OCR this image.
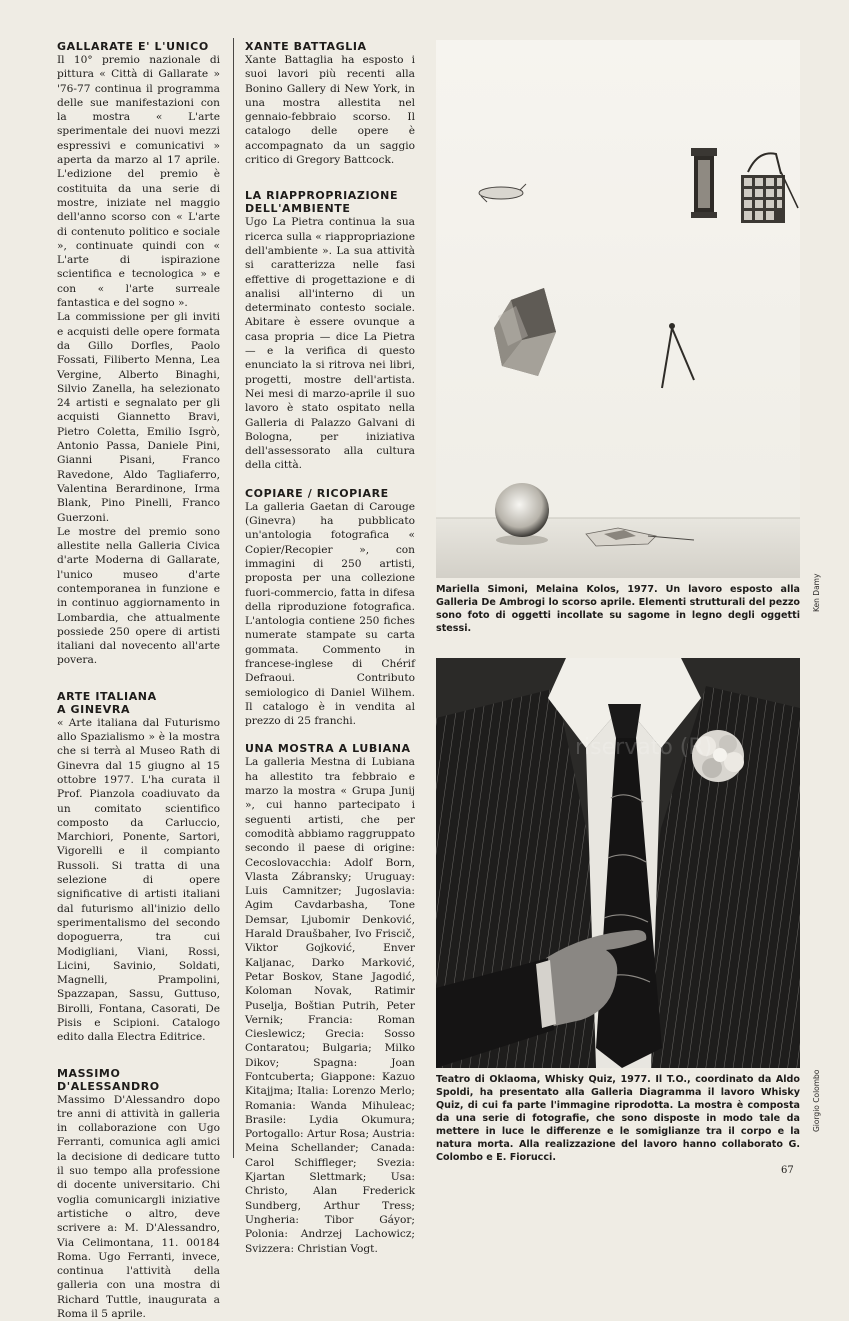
GALLARATE E' L'UNICO

Il 10° premio nazionale di pittura « Città di Gallarate » '76-77 continua il programma delle sue manifestazioni con la mostra « L'arte sperimentale dei nuovi mezzi espressivi e comunicativi » aperta da marzo al 17 aprile. L'edizione del premio è costituita da una serie di mostre, iniziate nel maggio dell'anno scorso con « L'arte di contenuto politico e sociale », continuate quindi con « L'arte di ispirazione scientifica e tecnologica » e con « l'arte surreale fantastica e del sogno ».

La commissione per gli inviti e acquisti delle opere formata da Gillo Dorfles, Paolo Fossati, Filiberto Menna, Lea Vergine, Alberto Binaghi, Silvio Zanella, ha selezionato 24 artisti e segnalato per gli acquisti Giannetto Bravi, Pietro Coletta, Emilio Isgrò, Antonio Passa, Daniele Pini, Gianni Pisani, Franco Ravedone, Aldo Tagliaferro, Valentina Berardinone, Irma Blank, Pino Pinelli, Franco Guerzoni.

Le mostre del premio sono allestite nella Galleria Civica d'arte Moderna di Gallarate, l'unico museo d'arte contemporanea in funzione e in continuo aggiornamento in Lombardia, che attualmente possiede 250 opere di artisti italiani dal novecento all'arte povera.

ARTE ITALIANA
A GINEVRA

« Arte italiana dal Futurismo allo Spazialismo » è la mostra che si terrà al Museo Rath di Ginevra dal 15 giugno al 15 ottobre 1977. L'ha curata il Prof. Pianzola coadiuvato da un comitato scientifico composto da Carluccio, Marchiori, Ponente, Sartori, Vigorelli e il compianto Russoli. Si tratta di una selezione di opere significative di artisti italiani dal futurismo all'inizio dello sperimentalismo del secondo dopoguerra, tra cui Modigliani, Viani, Rossi, Licini, Savinio, Soldati, Magnelli, Prampolini, Spazzapan, Sassu, Guttuso, Birolli, Fontana, Casorati, De Pisis e Scipioni. Catalogo edito dalla Electra Editrice.

MASSIMO D'ALESSANDRO

Massimo D'Alessandro dopo tre anni di attività in galleria in collaborazione con Ugo Ferranti, comunica agli amici la decisione di dedicare tutto il suo tempo alla professione di docente universitario. Chi voglia comunicargli iniziative artistiche o altro, deve scrivere a: M. D'Alessandro, Via Celimontana, 11. 00184 Roma. Ugo Ferranti, invece, continua l'attività della galleria con una mostra di Richard Tuttle, inaugurata a Roma il 5 aprile.

XANTE BATTAGLIA

Xante Battaglia ha esposto i suoi lavori più recenti alla Bonino Gallery di New York, in una mostra allestita nel gennaio-febbraio scorso. Il catalogo delle opere è accompagnato da un saggio critico di Gregory Battcock.

LA RIAPPROPRIAZIONE
DELL'AMBIENTE

Ugo La Pietra continua la sua ricerca sulla « riappropriazione dell'ambiente ». La sua attività si caratterizza nelle fasi effettive di progettazione e di analisi all'interno di un determinato contesto sociale. Abitare è essere ovunque a casa propria — dice La Pietra — e la verifica di questo enunciato la si ritrova nei libri, progetti, mostre dell'artista. Nei mesi di marzo-aprile il suo lavoro è stato ospitato nella Galleria di Palazzo Galvani di Bologna, per iniziativa dell'assessorato alla cultura della città.

COPIARE / RICOPIARE

La galleria Gaetan di Carouge (Ginevra) ha pubblicato un'antologia fotografica « Copier/Recopier », con immagini di 250 artisti, proposta per una collezione fuori-commercio, fatta in difesa della riproduzione fotografica. L'antologia contiene 250 fiches numerate stampate su carta gommata. Commento in francese-inglese di Chérif Defraoui. Contributo semiologico di Daniel Wilhem. Il catalogo è in vendita al prezzo di 25 franchi.

UNA MOSTRA A LUBIANA

La galleria Mestna di Lubiana ha allestito tra febbraio e marzo la mostra « Grupa Junij », cui hanno partecipato i seguenti artisti, che per comodità abbiamo raggruppato secondo il paese di origine: Cecoslovacchia: Adolf Born, Vlasta Zábransky; Uruguay: Luis Camnitzer; Jugoslavia: Agim Cavdarbasha, Tone Demsar, Ljubomir Denković, Harald Draušbaher, Ivo Friscič, Viktor Gojković, Enver Kaljanac, Darko Marković, Petar Boskov, Stane Jagodić, Koloman Novak, Ratimir Puselja, Boštian Putrih, Peter Vernik; Francia: Roman Cieslewicz; Grecia: Sosso Contaratou; Bulgaria; Milko Dikov; Spagna: Joan Fontcuberta; Giappone: Kazuo Kitajjma; Italia: Lorenzo Merlo; Romania: Wanda Mihuleac; Brasile: Lydia Okumura; Portogallo: Artur Rosa; Austria: Meina Schellander; Canada: Carol Schiffleger; Svezia: Kjartan Slettmark; Usa: Christo, Alan Frederick Sundberg, Arthur Tress; Ungheria: Tibor Gáyor; Polonia: Andrzej Lachowicz; Svizzera: Christian Vogt.

Mariella Simoni, Melaina Kolos, 1977. Un lavoro esposto alla Galleria De Ambrogi lo scorso aprile. Elementi strutturali del pezzo sono foto di oggetti incollate su sagome in legno degli oggetti stessi.
Ken Damy
riservato (R)
Teatro di Oklaoma, Whisky Quiz, 1977. Il T.O., coordinato da Aldo Spoldi, ha presentato alla Galleria Diagramma il lavoro Whisky Quiz, di cui fa parte l'immagine riprodotta. La mostra è composta da una serie di fotografie, che sono disposte in modo tale da mettere in luce le differenze e le somiglianze tra il corpo e la natura morta. Alla realizzazione del lavoro hanno collaborato G. Colombo e E. Fiorucci.
Giorgio Colombo
67
